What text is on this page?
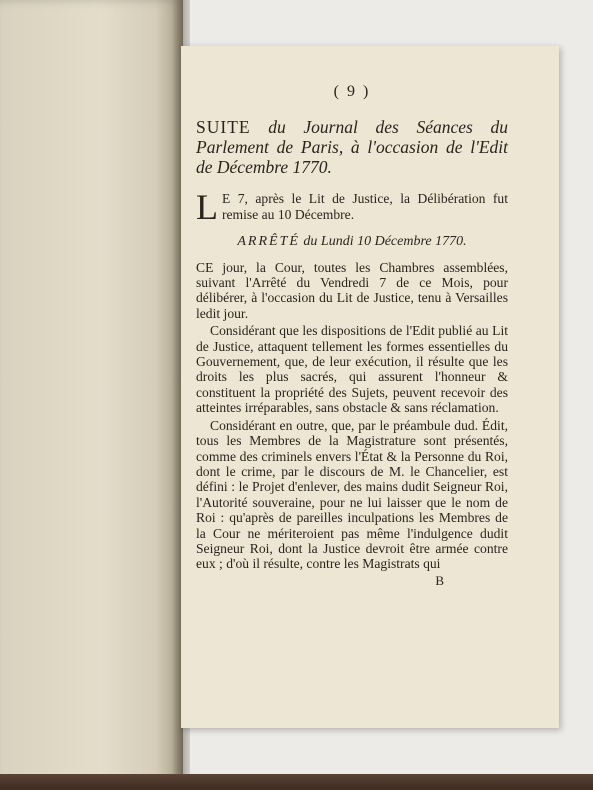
( 9 )
SUITE du Journal des Séances du Parlement de Paris, à l'occasion de l'Edit de Décembre 1770.
L E 7, après le Lit de Justice, la Délibération fut remise au 10 Décembre.
ARRÊTÉ du Lundi 10 Décembre 1770.

CE jour, la Cour, toutes les Chambres assemblées, suivant l'Arrêté du Vendredi 7 de ce Mois, pour délibérer, à l'occasion du Lit de Justice, tenu à Versailles ledit jour.

Considérant que les dispositions de l'Edit publié au Lit de Justice, attaquent tellement les formes essentielles du Gouvernement, que, de leur exécution, il résulte que les droits les plus sacrés, qui assurent l'honneur & constituent la propriété des Sujets, peuvent recevoir des atteintes irréparables, sans obstacle & sans réclamation.

Considérant en outre, que, par le préambule dud. Édit, tous les Membres de la Magistrature sont présentés, comme des criminels envers l'État & la Personne du Roi, dont le crime, par le discours de M. le Chancelier, est défini : le Projet d'enlever, des mains dudit Seigneur Roi, l'Autorité souveraine, pour ne lui laisser que le nom de Roi : qu'après de pareilles inculpations les Membres de la Cour ne mériteroient pas même l'indulgence dudit Seigneur Roi, dont la Justice devroit être armée contre eux ; d'où il résulte, contre les Magistrats qui

B
